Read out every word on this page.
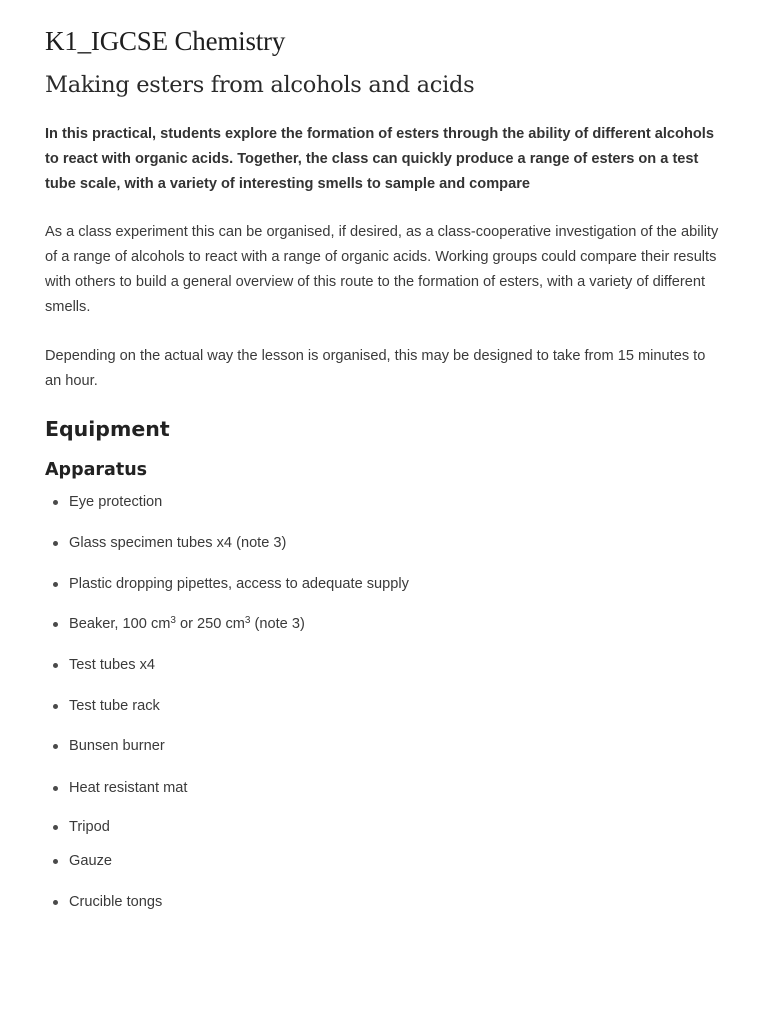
K1_IGCSE Chemistry
Making esters from alcohols and acids

In this practical, students explore the formation of esters through the ability of different alcohols to react with organic acids. Together, the class can quickly produce a range of esters on a test tube scale, with a variety of interesting smells to sample and compare

As a class experiment this can be organised, if desired, as a class-cooperative investigation of the ability of a range of alcohols to react with a range of organic acids. Working groups could compare their results with others to build a general overview of this route to the formation of esters, with a variety of different smells.

Depending on the actual way the lesson is organised, this may be designed to take from 15 minutes to an hour.

Equipment
Apparatus
Eye protection
Glass specimen tubes x4 (note 3)
Plastic dropping pipettes, access to adequate supply
Beaker, 100 $cm^3$ or 250 $cm^3$ (note 3)
Test tubes x4
Test tube rack
Bunsen burner
Heat resistant mat
Tripod
Gauze
Crucible tongs
